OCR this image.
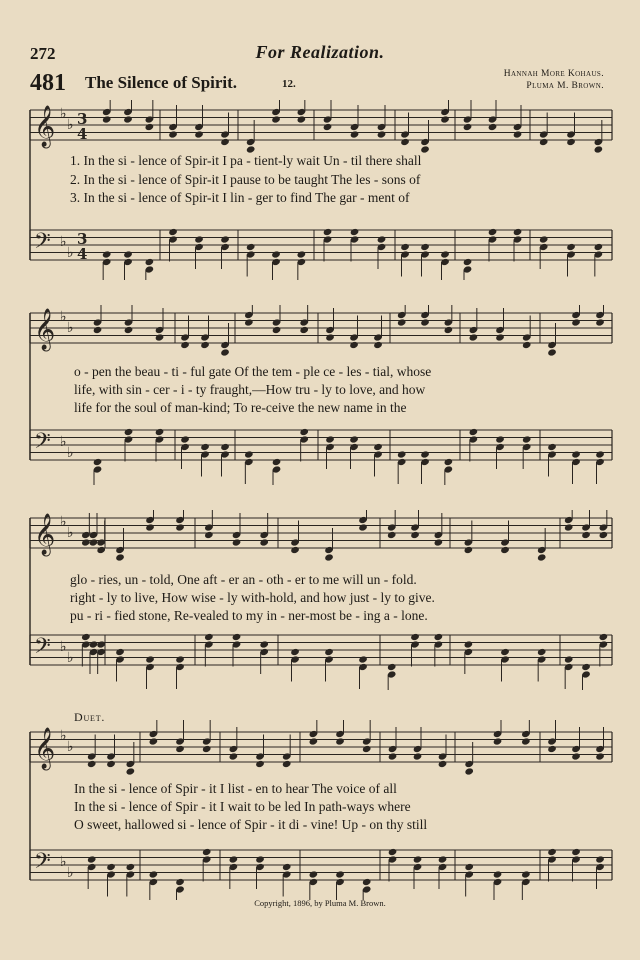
272	For Realization.
481 The Silence of Spirit.	12.
Hannah More Kohaus.
Pluma M. Brown.
𝄞 ♭
♭ 3
4
𝄢 ♭
♭
3
4
1. In the si - lence of Spir-it I pa - tient-ly wait Un - til there shall
2. In the si - lence of Spir-it I pause to be taught The les - sons of
3. In the si - lence of Spir-it I lin - ger to find The gar - ment of
𝄞 ♭
♭
𝄢 ♭
♭
o - pen the beau - ti - ful gate Of the tem - ple ce - les - tial, whose
life, with sin - cer - i - ty fraught,—How tru - ly to love, and how
life for the soul of man-kind; To re-ceive the new name in the
𝄞 ♭
♭
𝄢 ♭
♭
glo - ries, un - told, One aft - er an - oth - er to me will un - fold.
right - ly to live, How wise - ly with-hold, and how just - ly to give.
pu - ri - fied stone, Re-vealed to my in - ner-most be - ing a - lone.
Duet.
𝄞 ♭
♭
𝄢 ♭
♭
In the si - lence of Spir - it I list - en to hear The voice of all
In the si - lence of Spir - it I wait to be led In path-ways where
O sweet, hallowed si - lence of Spir - it di - vine! Up - on thy still
Copyright, 1896, by Pluma M. Brown.
